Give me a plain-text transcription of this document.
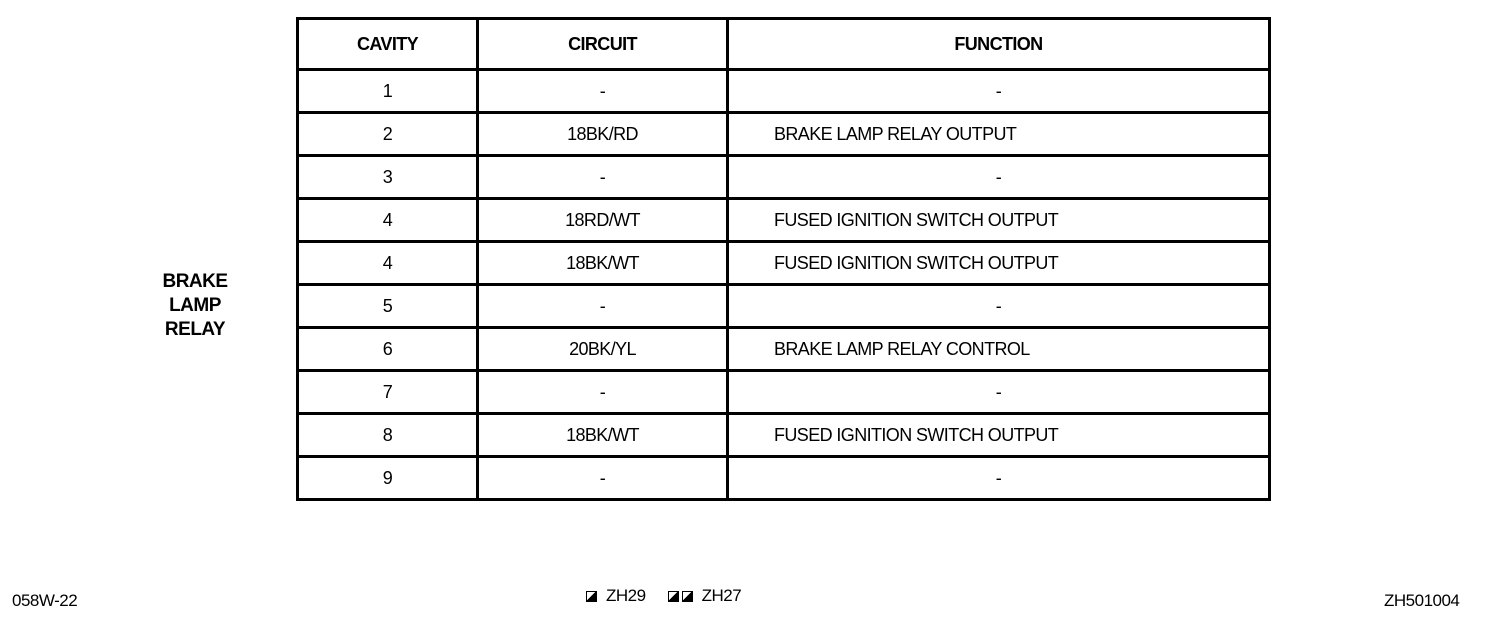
BRAKE
LAMP
RELAY
CAVITY	CIRCUIT	FUNCTION
1	-	-
2	18BK/RD	BRAKE LAMP RELAY OUTPUT
3	-	-
4	18RD/WT	FUSED IGNITION SWITCH OUTPUT
4	18BK/WT	FUSED IGNITION SWITCH OUTPUT
5	-	-
6	20BK/YL	BRAKE LAMP RELAY CONTROL
7	-	-
8	18BK/WT	FUSED IGNITION SWITCH OUTPUT
9	-	-
058W-22	ZH29	ZH27	ZH501004
